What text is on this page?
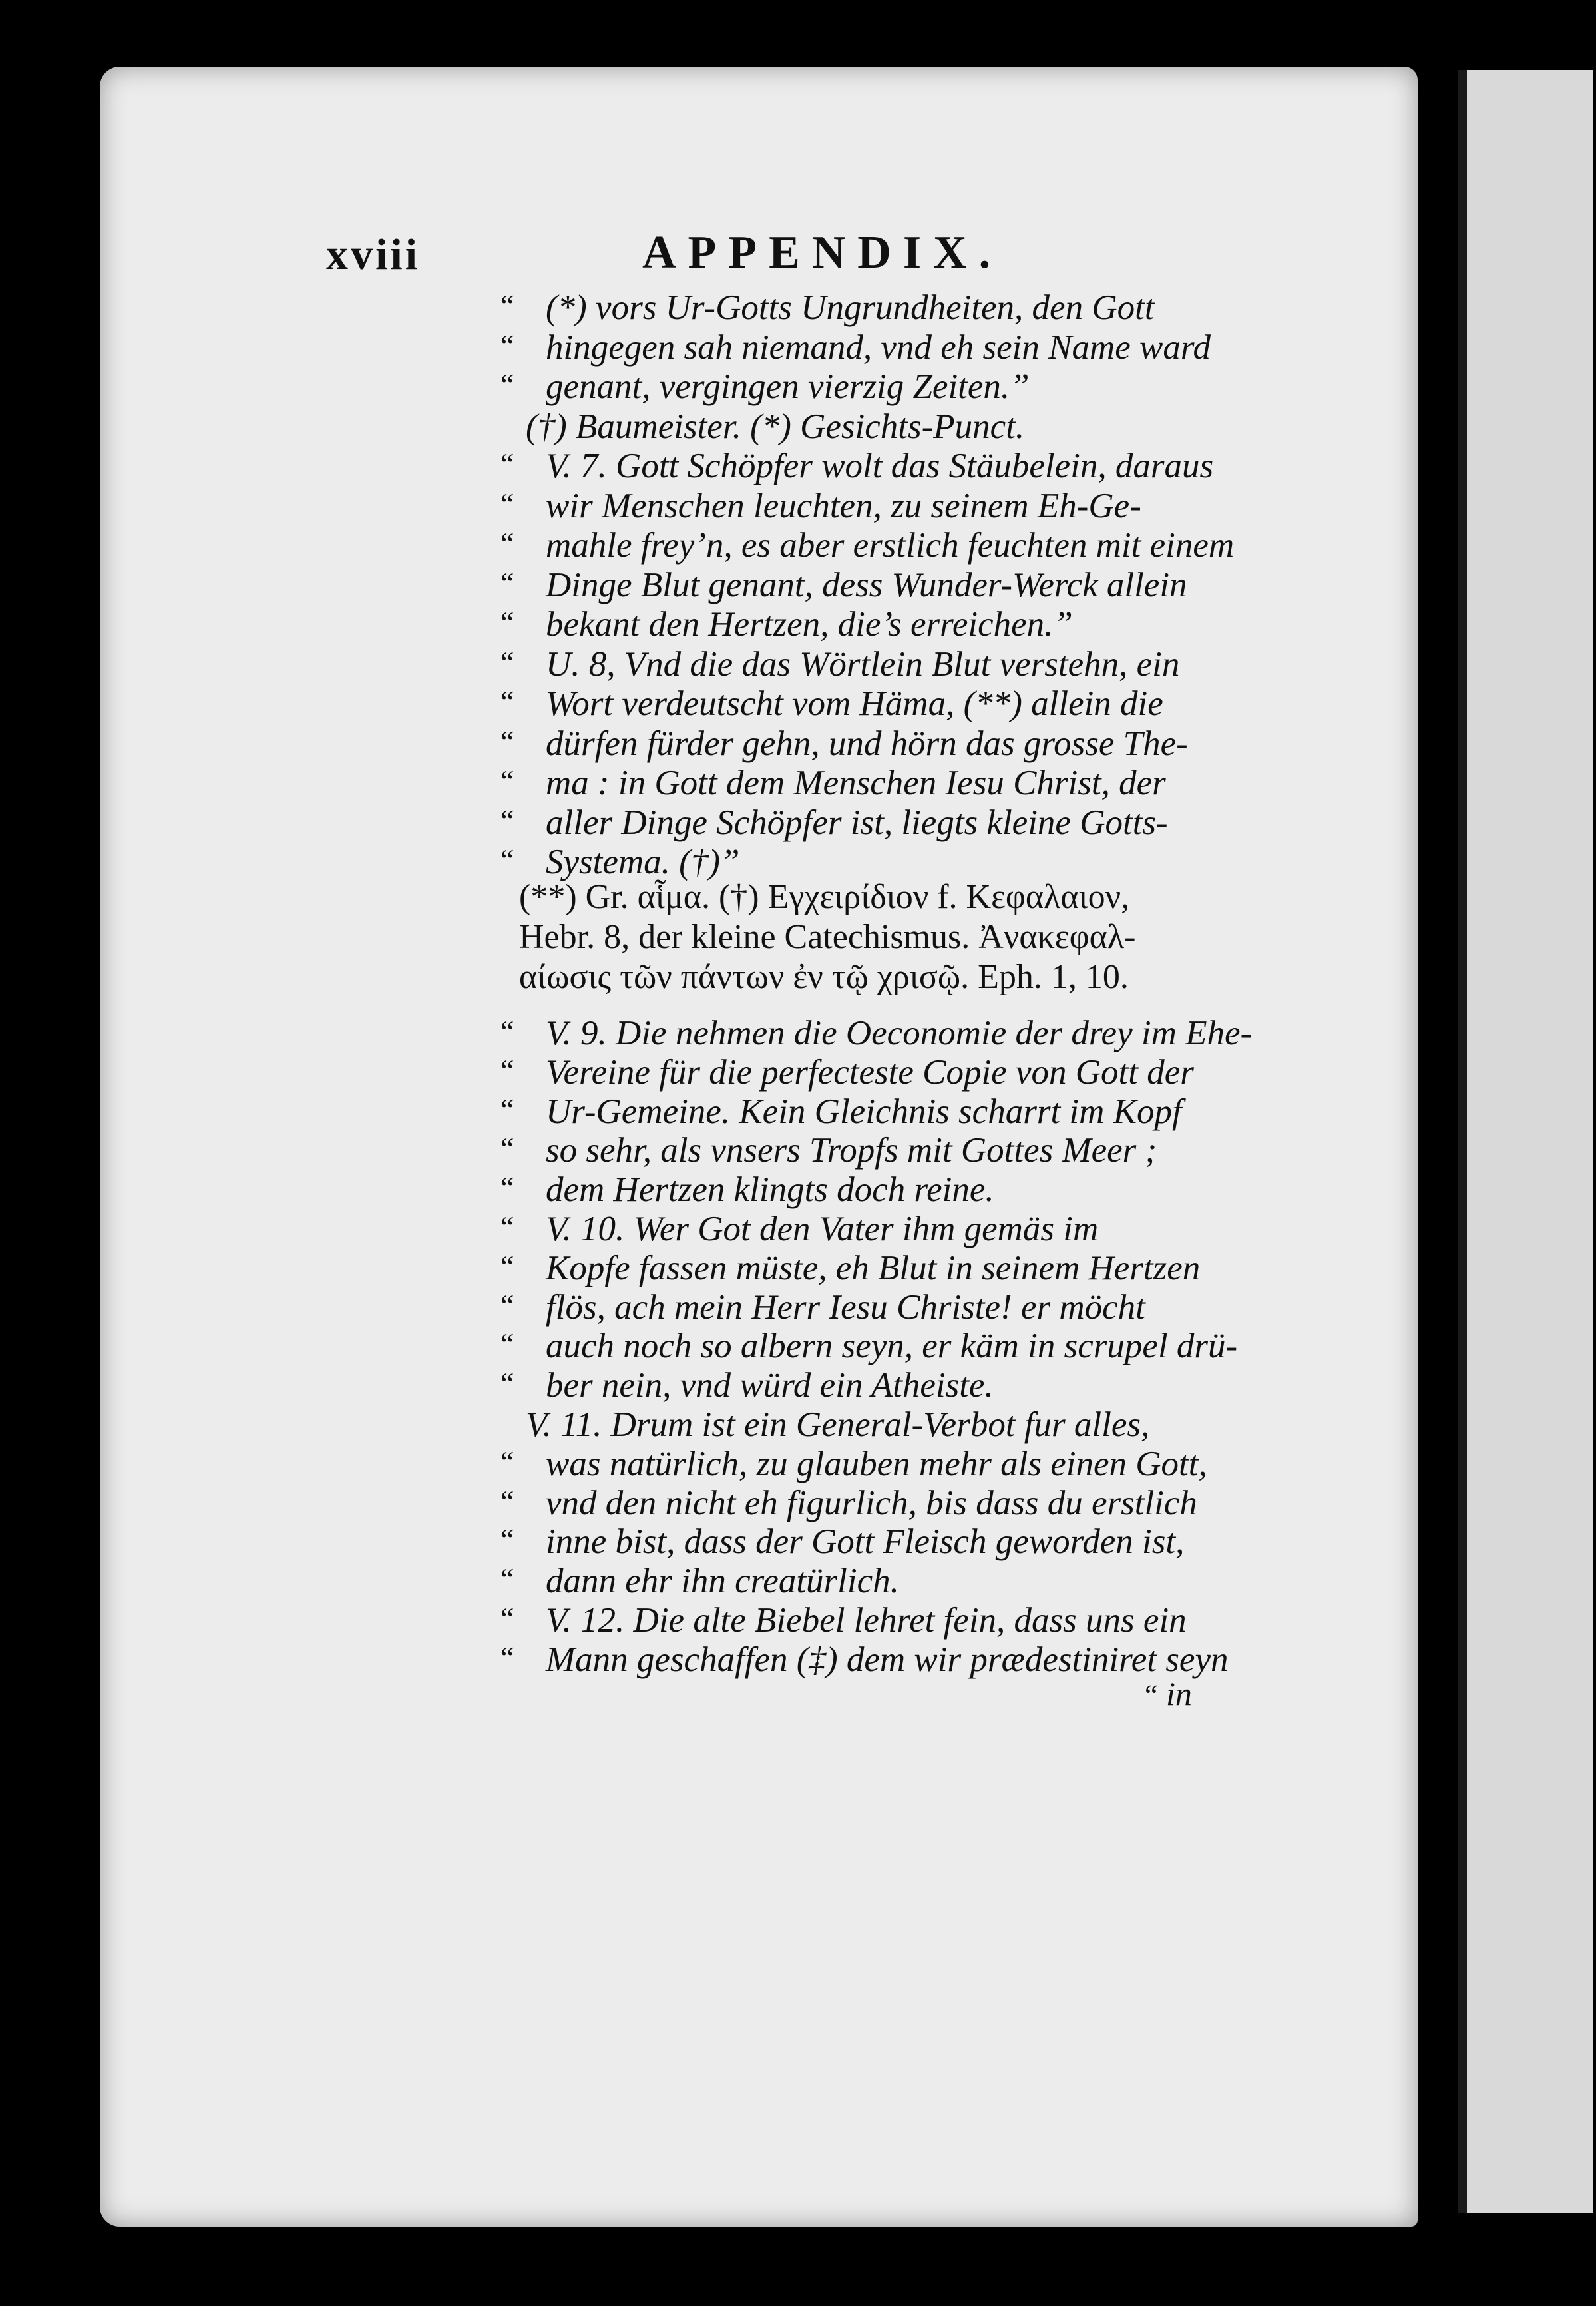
xviii	APPENDIX.
“ (*) vors Ur-Gotts Ungrundheiten, den Gott
“ hingegen sah niemand, vnd eh sein Name ward
“ genant, vergingen vierzig Zeiten.”
(†) Baumeister. (*) Gesichts-Punct.
“ V. 7. Gott Schöpfer wolt das Stäubelein, daraus
“ wir Menschen leuchten, zu seinem Eh-Ge-
“ mahle frey’n, es aber erstlich feuchten mit einem
“ Dinge Blut genant, dess Wunder-Werck allein
“ bekant den Hertzen, die’s erreichen.”
“ U. 8, Vnd die das Wörtlein Blut verstehn, ein
“ Wort verdeutscht vom Häma, (**) allein die
“ dürfen fürder gehn, und hörn das grosse The-
“ ma : in Gott dem Menschen Iesu Christ, der
“ aller Dinge Schöpfer ist, liegts kleine Gotts-
“ Systema. (†)”
(**) Gr. αἷμα. (†) Εγχειρίδιον f. Κεφαλαιον,
Hebr. 8, der kleine Catechismus. Ἀνακεφαλ-
αίωσις τῶν πάντων ἐν τῷ χρισῷ. Eph. 1, 10.
“ V. 9. Die nehmen die Oeconomie der drey im Ehe-
“ Vereine für die perfecteste Copie von Gott der
“ Ur-Gemeine. Kein Gleichnis scharrt im Kopf
“ so sehr, als vnsers Tropfs mit Gottes Meer ;
“ dem Hertzen klingts doch reine.
“ V. 10. Wer Got den Vater ihm gemäs im
“ Kopfe fassen müste, eh Blut in seinem Hertzen
“ flös, ach mein Herr Iesu Christe! er möcht
“ auch noch so albern seyn, er käm in scrupel drü-
“ ber nein, vnd würd ein Atheiste.
V. 11. Drum ist ein General-Verbot fur alles,
“ was natürlich, zu glauben mehr als einen Gott,
“ vnd den nicht eh figurlich, bis dass du erstlich
“ inne bist, dass der Gott Fleisch geworden ist,
“ dann ehr ihn creatürlich.
“ V. 12. Die alte Biebel lehret fein, dass uns ein
“ Mann geschaffen (‡) dem wir prædestiniret seyn
“ in
